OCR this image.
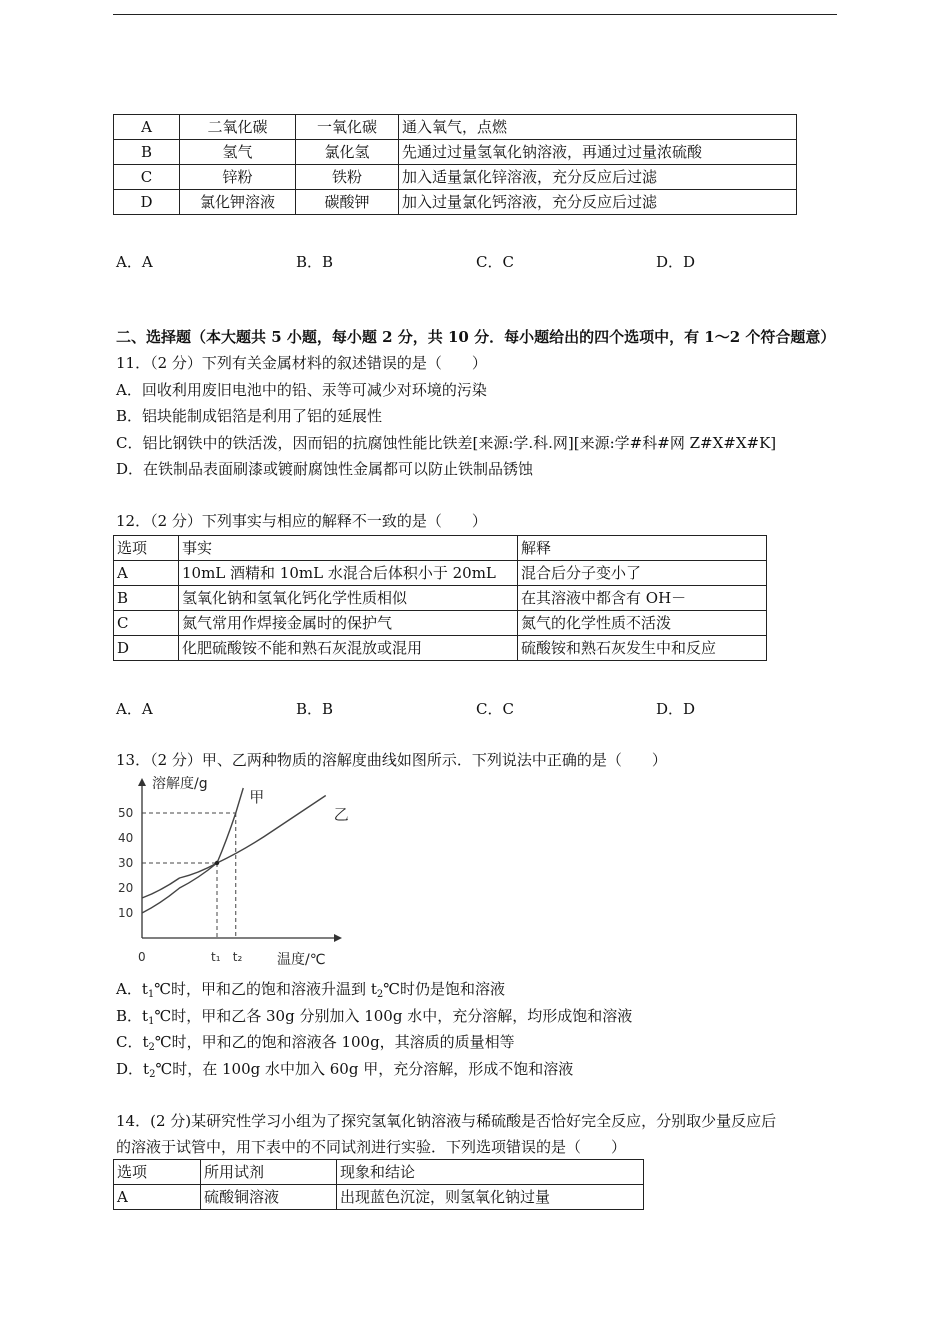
A	二氧化碳	一氧化碳	通入氧气，点燃
B	氢气	氯化氢	先通过过量氢氧化钠溶液，再通过过量浓硫酸
C	锌粉	铁粉	加入适量氯化锌溶液，充分反应后过滤
D	氯化钾溶液	碳酸钾	加入过量氯化钙溶液，充分反应后过滤
A．A	B．B	C．C	D．D
二、选择题（本大题共 5 小题，每小题 2 分，共 10 分．每小题给出的四个选项中，有 1～2 个符合题意）
11．（2 分）下列有关金属材料的叙述错误的是（　　）
A．回收利用废旧电池中的铅、汞等可减少对环境的污染
B．铝块能制成铝箔是利用了铝的延展性
C．铝比钢铁中的铁活泼，因而铝的抗腐蚀性能比铁差[来源:学.科.网][来源:学#科#网 Z#X#X#K]
D．在铁制品表面刷漆或镀耐腐蚀性金属都可以防止铁制品锈蚀
12．（2 分）下列事实与相应的解释不一致的是（　　）
选项	事实	解释
A	10mL 酒精和 10mL 水混合后体积小于 20mL	混合后分子变小了
B	氢氧化钠和氢氧化钙化学性质相似	在其溶液中都含有 OH－
C	氮气常用作焊接金属时的保护气	氮气的化学性质不活泼
D	化肥硫酸铵不能和熟石灰混放或混用	硫酸铵和熟石灰发生中和反应
A．A	B．B	C．C	D．D
13．（2 分）甲、乙两种物质的溶解度曲线如图所示．下列说法中正确的是（　　）
溶解度/g
温度/℃
0
10
20
30
40
50
t₁ t₂
甲
乙
A．$t_1℃$时，甲和乙的饱和溶液升温到 $t_2℃$时仍是饱和溶液
B．$t_1℃$时，甲和乙各 30g 分别加入 100g 水中，充分溶解，均形成饱和溶液
C．$t_2℃$时，甲和乙的饱和溶液各 100g，其溶质的质量相等
D．$t_2℃$时，在 100g 水中加入 60g 甲，充分溶解，形成不饱和溶液
14．(2 分)某研究性学习小组为了探究氢氧化钠溶液与稀硫酸是否恰好完全反应，分别取少量反应后
的溶液于试管中，用下表中的不同试剂进行实验．下列选项错误的是（　　）
选项	所用试剂	现象和结论
A	硫酸铜溶液	出现蓝色沉淀，则氢氧化钠过量
